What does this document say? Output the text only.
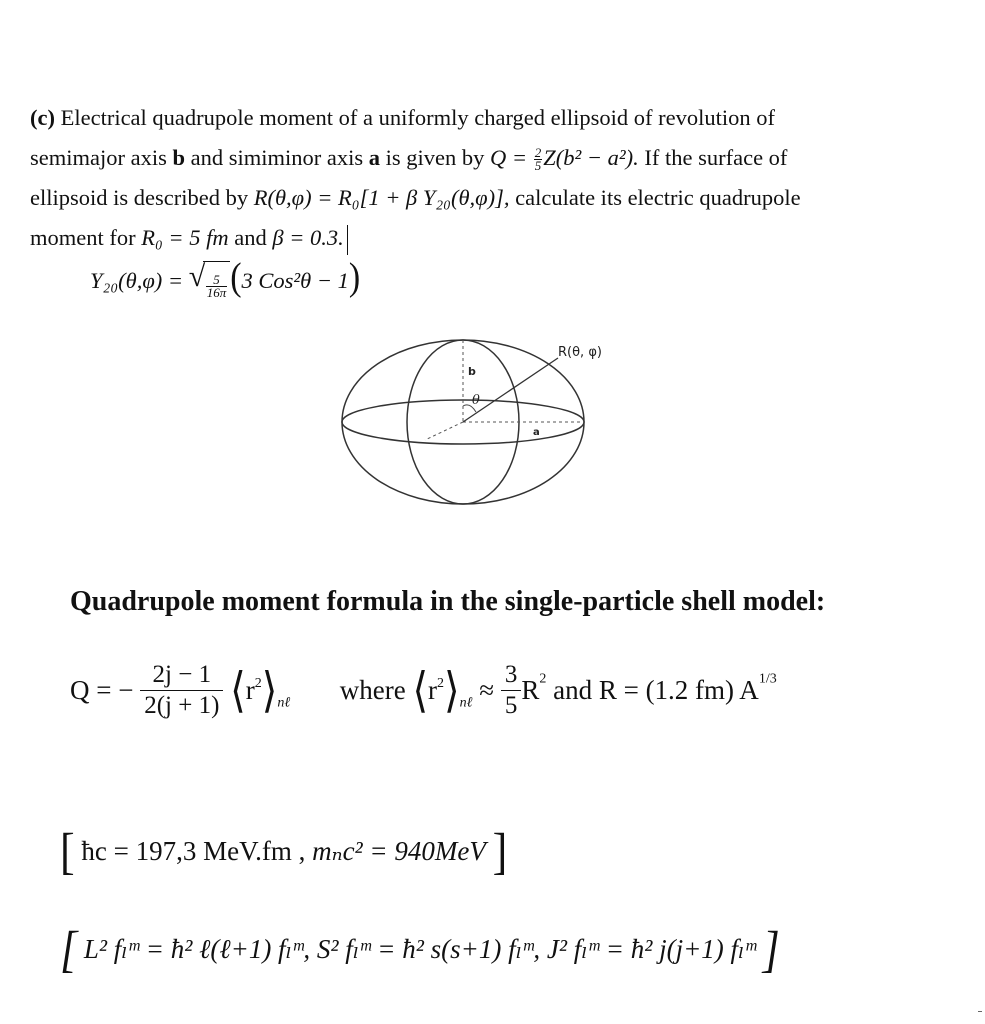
(c) Electrical quadrupole moment of a uniformly charged ellipsoid of revolution of
semimajor axis b and simiminor axis a is given by $Q = \frac{2}{5} Z(b^2 - a^2)$. If the surface of
ellipsoid is described by R(θ,φ) = R₀[1 + β Y₂₀(θ,φ)], calculate its electric quadrupole
moment for R₀ = 5 fm and β = 0.3.
Y₂₀(θ,φ) = √ $\frac{5}{16\pi} (3$ Cos²θ − 1)
R(θ, φ)
b
θ
a
Quadrupole moment formula in the single-particle shell model:
Q = − $\frac{2j - 1}{2(j + 1)}$ $⟨r^2⟩_{n\ell}$ where $⟨r^2⟩_{n\ell} \approx \frac{3}{5} R^2$ and R = (1.2 fm) $A^{1/3}$
[ ħc = 197,3 MeV.fm , mₙc² = 940MeV ]
[ L² fₗᵐ = ħ² ℓ(ℓ+1) fₗᵐ, S² fₗᵐ = ħ² s(s+1) fₗᵐ, J² fₗᵐ = ħ² j(j+1) fₗᵐ ]
